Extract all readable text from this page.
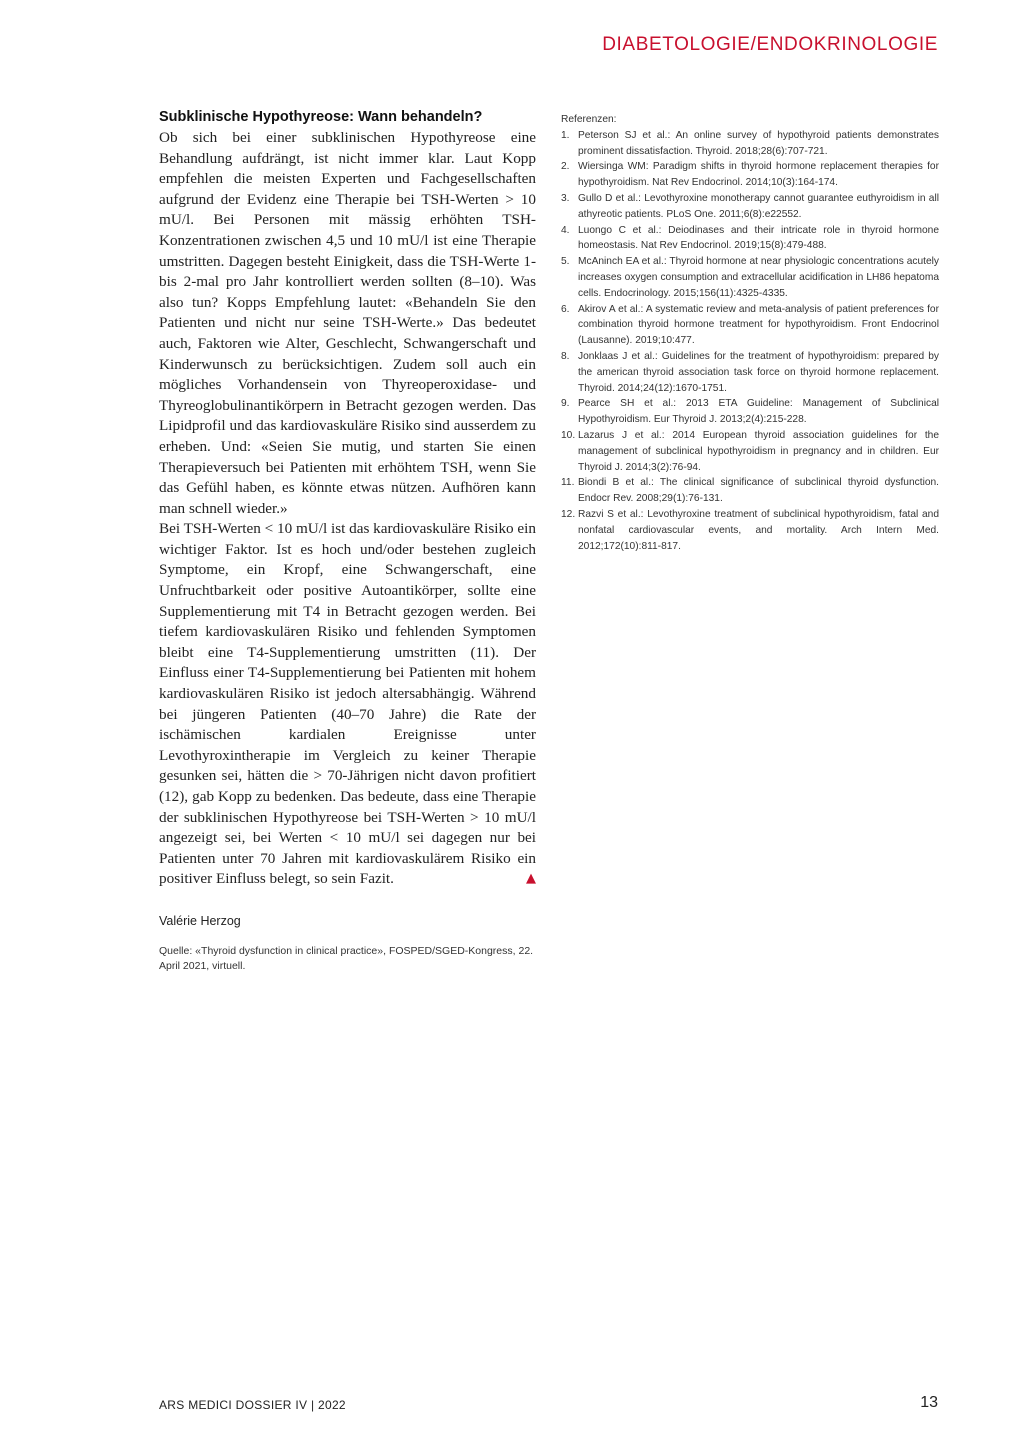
DIABETOLOGIE/ENDOKRINOLOGIE
Subklinische Hypothyreose: Wann behandeln?

Ob sich bei einer subklinischen Hypothyreose eine Behandlung aufdrängt, ist nicht immer klar. Laut Kopp empfehlen die meisten Experten und Fachgesellschaften aufgrund der Evidenz eine Therapie bei TSH-Werten > 10 mU/l. Bei Personen mit mässig erhöhten TSH-Konzentrationen zwischen 4,5 und 10 mU/l ist eine Therapie umstritten. Dagegen besteht Einigkeit, dass die TSH-Werte 1- bis 2-mal pro Jahr kontrolliert werden sollten (8–10). Was also tun? Kopps Empfehlung lautet: «Behandeln Sie den Patienten und nicht nur seine TSH-Werte.» Das bedeutet auch, Faktoren wie Alter, Geschlecht, Schwangerschaft und Kinderwunsch zu berücksichtigen. Zudem soll auch ein mögliches Vorhandensein von Thyreoperoxidase- und Thyreoglobulinantikörpern in Betracht gezogen werden. Das Lipidprofil und das kardiovaskuläre Risiko sind ausserdem zu erheben. Und: «Seien Sie mutig, und starten Sie einen Therapieversuch bei Patienten mit erhöhtem TSH, wenn Sie das Gefühl haben, es könnte etwas nützen. Aufhören kann man schnell wieder.»

Bei TSH-Werten < 10 mU/l ist das kardiovaskuläre Risiko ein wichtiger Faktor. Ist es hoch und/oder bestehen zugleich Symptome, ein Kropf, eine Schwangerschaft, eine Unfruchtbarkeit oder positive Autoantikörper, sollte eine Supplementierung mit T4 in Betracht gezogen werden. Bei tiefem kardiovaskulären Risiko und fehlenden Symptomen bleibt eine T4-Supplementierung umstritten (11). Der Einfluss einer T4-Supplementierung bei Patienten mit hohem kardiovaskulären Risiko ist jedoch altersabhängig. Während bei jüngeren Patienten (40–70 Jahre) die Rate der ischämischen kardialen Ereignisse unter Levothyroxintherapie im Vergleich zu keiner Therapie gesunken sei, hätten die > 70-Jährigen nicht davon profitiert (12), gab Kopp zu bedenken. Das bedeute, dass eine Therapie der subklinischen Hypothyreose bei TSH-Werten > 10 mU/l angezeigt sei, bei Werten < 10 mU/l sei dagegen nur bei Patienten unter 70 Jahren mit kardiovaskulärem Risiko ein positiver Einfluss belegt, so sein Fazit.	▲

Valérie Herzog
Quelle: «Thyroid dysfunction in clinical practice», FOSPED/SGED-Kongress, 22. April 2021, virtuell.
Referenzen:
1. Peterson SJ et al.: An online survey of hypothyroid patients demonstrates prominent dissatisfaction. Thyroid. 2018;28(6):707-721.
2. Wiersinga WM: Paradigm shifts in thyroid hormone replacement therapies for hypothyroidism. Nat Rev Endocrinol. 2014;10(3):164-174.
3. Gullo D et al.: Levothyroxine monotherapy cannot guarantee euthyroidism in all athyreotic patients. PLoS One. 2011;6(8):e22552.
4. Luongo C et al.: Deiodinases and their intricate role in thyroid hormone homeostasis. Nat Rev Endocrinol. 2019;15(8):479-488.
5. McAninch EA et al.: Thyroid hormone at near physiologic concentrations acutely increases oxygen consumption and extracellular acidification in LH86 hepatoma cells. Endocrinology. 2015;156(11):4325-4335.
6. Akirov A et al.: A systematic review and meta-analysis of patient preferences for combination thyroid hormone treatment for hypothyroidism. Front Endocrinol (Lausanne). 2019;10:477.
8. Jonklaas J et al.: Guidelines for the treatment of hypothyroidism: prepared by the american thyroid association task force on thyroid hormone replacement. Thyroid. 2014;24(12):1670-1751.
9. Pearce SH et al.: 2013 ETA Guideline: Management of Subclinical Hypothyroidism. Eur Thyroid J. 2013;2(4):215-228.
10. Lazarus J et al.: 2014 European thyroid association guidelines for the management of subclinical hypothyroidism in pregnancy and in children. Eur Thyroid J. 2014;3(2):76-94.
11. Biondi B et al.: The clinical significance of subclinical thyroid dysfunction. Endocr Rev. 2008;29(1):76-131.
12. Razvi S et al.: Levothyroxine treatment of subclinical hypothyroidism, fatal and nonfatal cardiovascular events, and mortality. Arch Intern Med. 2012;172(10):811-817.
ARS MEDICI DOSSIER IV | 2022	13
